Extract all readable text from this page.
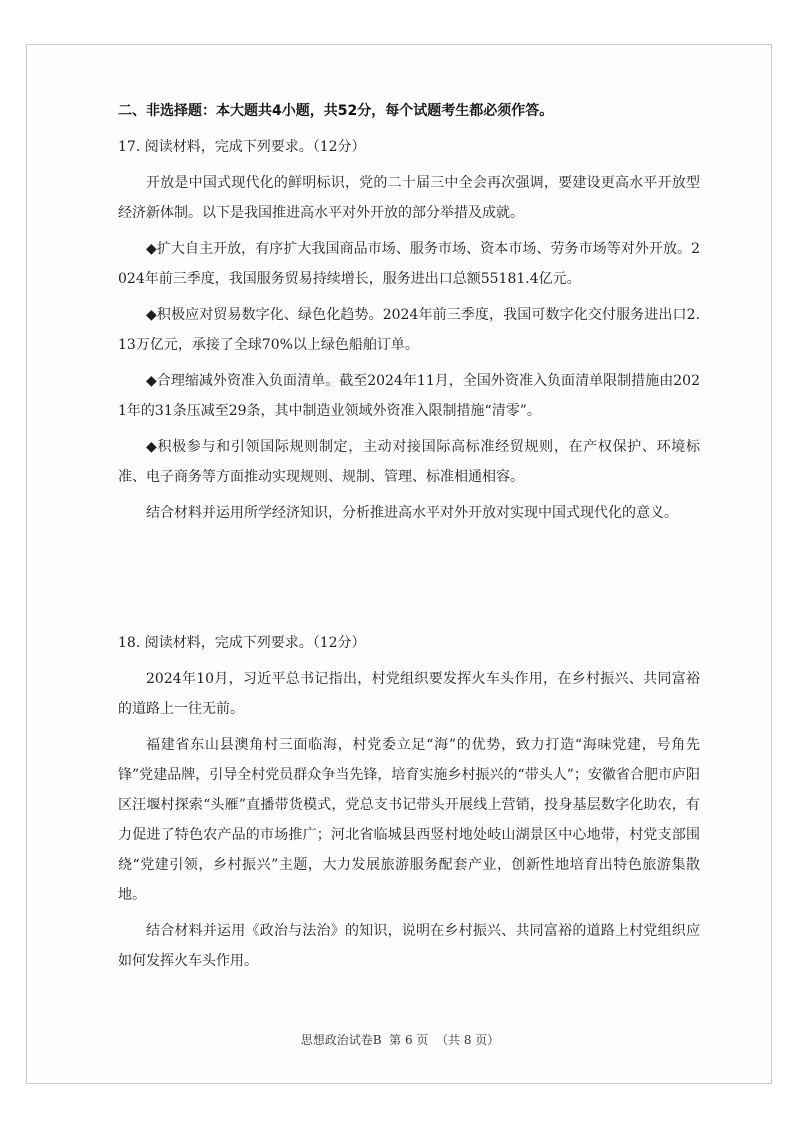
二、非选择题：本大题共4小题，共52分，每个试题考生都必须作答。
17. 阅读材料，完成下列要求。（12分）

开放是中国式现代化的鲜明标识，党的二十届三中全会再次强调，要建设更高水平开放型经济新体制。以下是我国推进高水平对外开放的部分举措及成就。

◆扩大自主开放，有序扩大我国商品市场、服务市场、资本市场、劳务市场等对外开放。2024年前三季度，我国服务贸易持续增长，服务进出口总额55181.4亿元。

◆积极应对贸易数字化、绿色化趋势。2024年前三季度，我国可数字化交付服务进出口2.13万亿元，承接了全球70%以上绿色船舶订单。

◆合理缩减外资准入负面清单。截至2024年11月，全国外资准入负面清单限制措施由2021年的31条压减至29条，其中制造业领域外资准入限制措施“清零”。

◆积极参与和引领国际规则制定，主动对接国际高标准经贸规则，在产权保护、环境标准、电子商务等方面推动实现规则、规制、管理、标准相通相容。

结合材料并运用所学经济知识，分析推进高水平对外开放对实现中国式现代化的意义。

18. 阅读材料，完成下列要求。（12分）

2024年10月，习近平总书记指出，村党组织要发挥火车头作用，在乡村振兴、共同富裕的道路上一往无前。

福建省东山县澳角村三面临海，村党委立足“海”的优势，致力打造“海味党建，号角先锋”党建品牌，引导全村党员群众争当先锋，培育实施乡村振兴的“带头人”；安徽省合肥市庐阳区汪堰村探索“头雁”直播带货模式，党总支书记带头开展线上营销，投身基层数字化助农，有力促进了特色农产品的市场推广；河北省临城县西竖村地处岐山湖景区中心地带，村党支部围绕“党建引领，乡村振兴”主题，大力发展旅游服务配套产业，创新性地培育出特色旅游集散地。

结合材料并运用《政治与法治》的知识，说明在乡村振兴、共同富裕的道路上村党组织应如何发挥火车头作用。

思想政治试卷B  第 6 页  （共 8 页）
